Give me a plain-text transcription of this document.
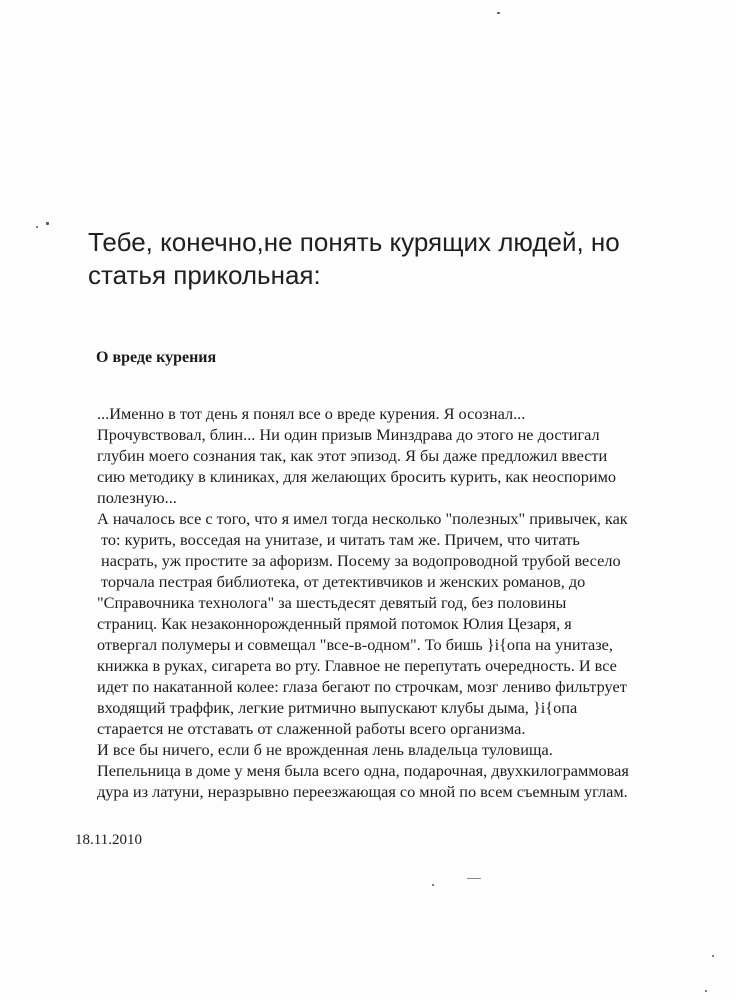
Тебе, конечно,не понять курящих людей, но
статья прикольная:
О вреде курения
...Именно в тот день я понял все о вреде курения. Я осознал...
Прочувствовал, блин... Ни один призыв Минздрава до этого не достигал
глубин моего сознания так, как этот эпизод. Я бы даже предложил ввести
сию методику в клиниках, для желающих бросить курить, как неоспоримо
полезную...
А началось все с того, что я имел тогда несколько "полезных" привычек, как
то: курить, восседая на унитазе, и читать там же. Причем, что читать
насрать, уж простите за афоризм. Посему за водопроводной трубой весело
торчала пестрая библиотека, от детективчиков и женских романов, до
"Справочника технолога" за шестьдесят девятый год, без половины
страниц. Как незаконнорожденный прямой потомок Юлия Цезаря, я
отвергал полумеры и совмещал "все-в-одном". То бишь }i{опа на унитазе,
книжка в руках, сигарета во рту. Главное не перепутать очередность. И все
идет по накатанной колее: глаза бегают по строчкам, мозг лениво фильтрует
входящий траффик, легкие ритмично выпускают клубы дыма, }i{опа
старается не отставать от слаженной работы всего организма.
И все бы ничего, если б не врожденная лень владельца туловища.
Пепельница в доме у меня была всего одна, подарочная, двухкилограммовая
дура из латуни, неразрывно переезжающая со мной по всем съемным углам.
18.11.2010
